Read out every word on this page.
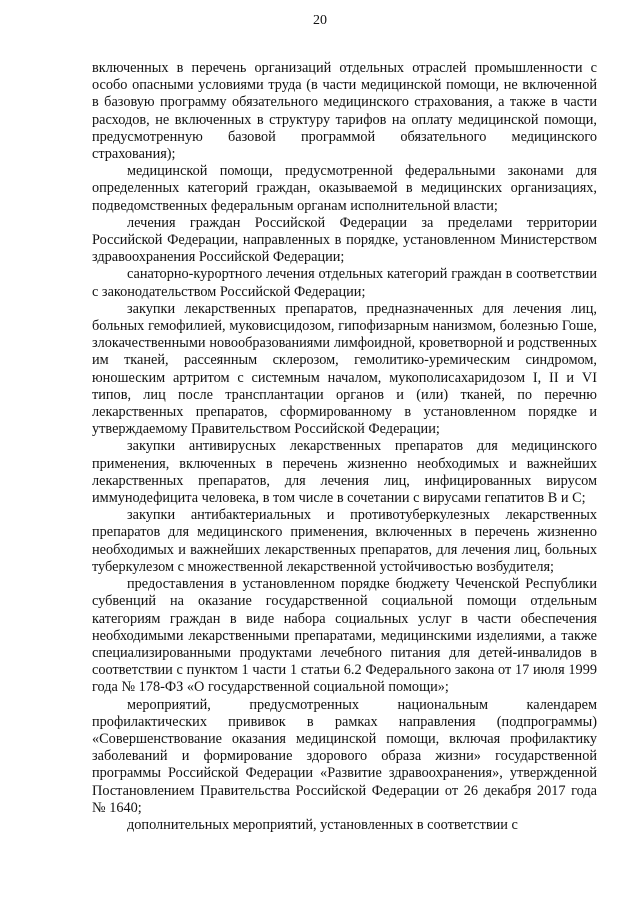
20

включенных в перечень организаций отдельных отраслей промышленности с особо опасными условиями труда (в части медицинской помощи, не включенной в базовую программу обязательного медицинского страхования, а также в части расходов, не включенных в структуру тарифов на оплату медицинской помощи, предусмотренную базовой программой обязательного медицинского страхования);

медицинской помощи, предусмотренной федеральными законами для определенных категорий граждан, оказываемой в медицинских организациях, подведомственных федеральным органам исполнительной власти;

лечения граждан Российской Федерации за пределами территории Российской Федерации, направленных в порядке, установленном Министерством здравоохранения Российской Федерации;

санаторно-курортного лечения отдельных категорий граждан в соответствии с законодательством Российской Федерации;

закупки лекарственных препаратов, предназначенных для лечения лиц, больных гемофилией, муковисцидозом, гипофизарным нанизмом, болезнью Гоше, злокачественными новообразованиями лимфоидной, кроветворной и родственных им тканей, рассеянным склерозом, гемолитико-уремическим синдромом, юношеским артритом с системным началом, мукополисахаридозом I, II и VI типов, лиц после трансплантации органов и (или) тканей, по перечню лекарственных препаратов, сформированному в установленном порядке и утверждаемому Правительством Российской Федерации;

закупки антивирусных лекарственных препаратов для медицинского применения, включенных в перечень жизненно необходимых и важнейших лекарственных препаратов, для лечения лиц, инфицированных вирусом иммунодефицита человека, в том числе в сочетании с вирусами гепатитов В и С;

закупки антибактериальных и противотуберкулезных лекарственных препаратов для медицинского применения, включенных в перечень жизненно необходимых и важнейших лекарственных препаратов, для лечения лиц, больных туберкулезом с множественной лекарственной устойчивостью возбудителя;

предоставления в установленном порядке бюджету Чеченской Республики субвенций на оказание государственной социальной помощи отдельным категориям граждан в виде набора социальных услуг в части обеспечения необходимыми лекарственными препаратами, медицинскими изделиями, а также специализированными продуктами лечебного питания для детей-инвалидов в соответствии с пунктом 1 части 1 статьи 6.2 Федерального закона от 17 июля 1999 года № 178-ФЗ «О государственной социальной помощи»;

мероприятий, предусмотренных национальным календарем профилактических прививок в рамках направления (подпрограммы) «Совершенствование оказания медицинской помощи, включая профилактику заболеваний и формирование здорового образа жизни» государственной программы Российской Федерации «Развитие здравоохранения», утвержденной Постановлением Правительства Российской Федерации от 26 декабря 2017 года № 1640;

дополнительных мероприятий, установленных в соответствии с
